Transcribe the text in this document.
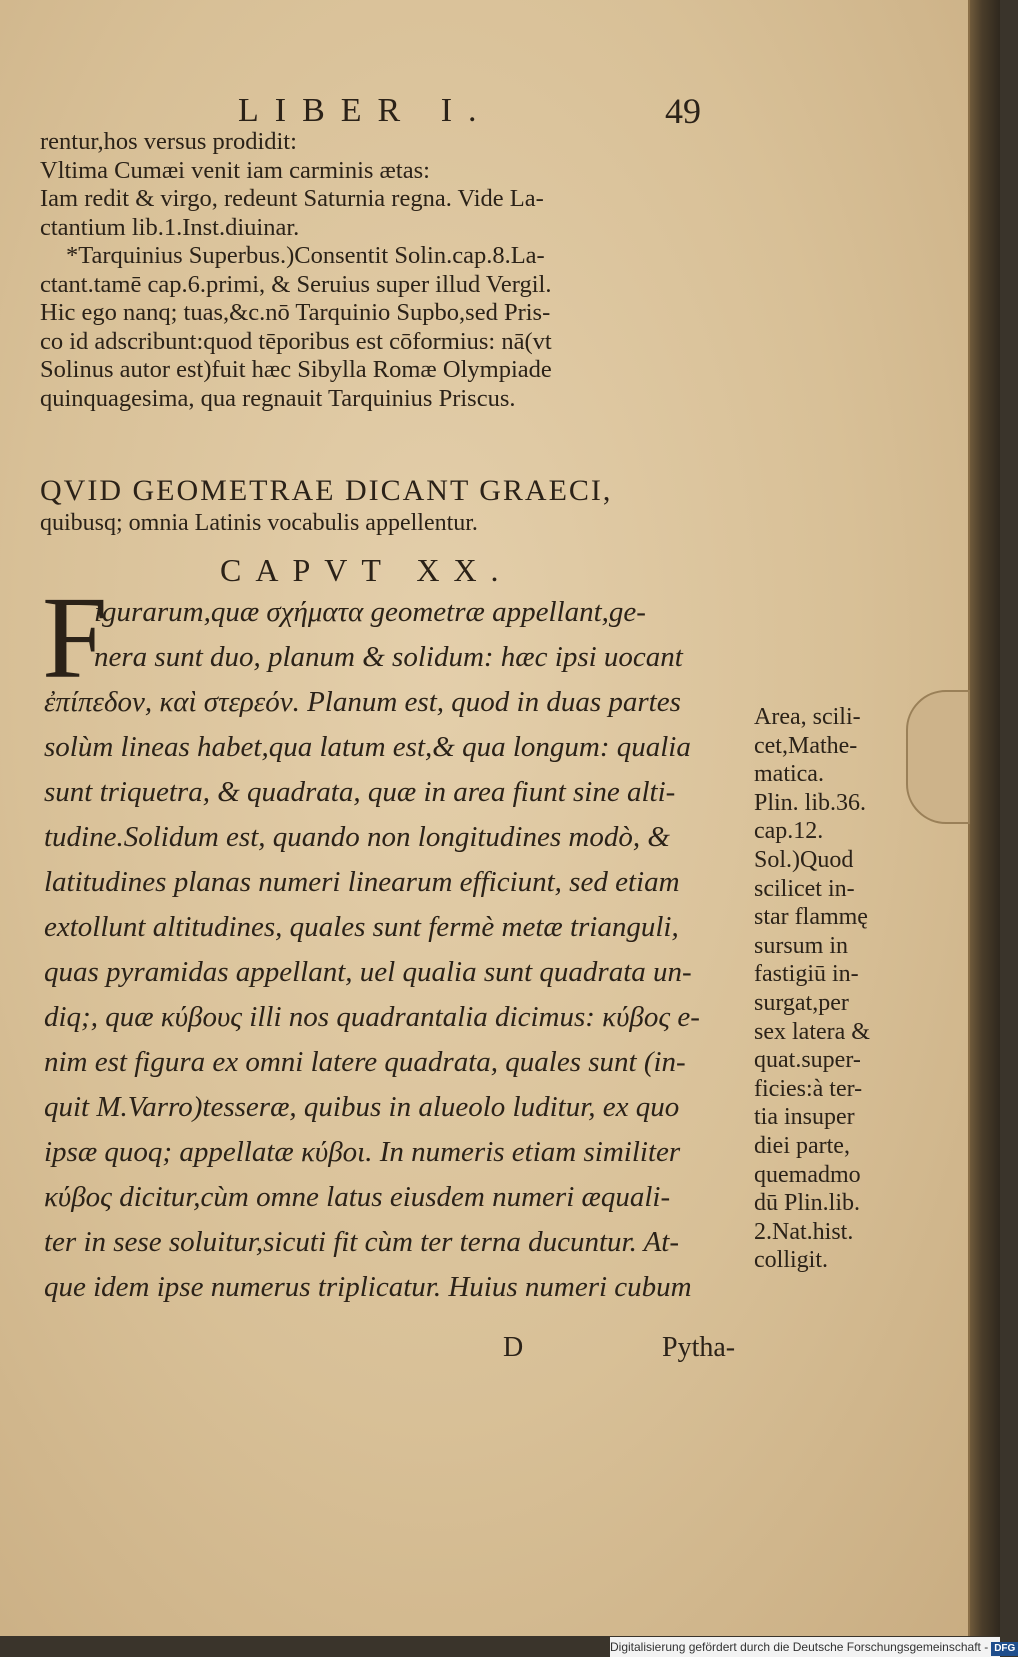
LIBER I.	49

rentur,hos versus prodidit:

Vltima Cumæi venit iam carminis ætas:

Iam redit & virgo, redeunt Saturnia regna. Vide La-

ctantium lib.1.Inst.diuinar.

*Tarquinius Superbus.)Consentit Solin.cap.8.La-

ctant.tamē cap.6.primi, & Seruius super illud Vergil.

Hic ego nanq; tuas,&c.nō Tarquinio Supbo,sed Pris-

co id adscribunt:quod tēporibus est cōformius: nā(vt

Solinus autor est)fuit hæc Sibylla Romæ Olympiade

quinquagesima, qua regnauit Tarquinius Priscus.

QVID GEOMETRAE DICANT GRAECI,
quibusq; omnia Latinis vocabulis appellentur.
CAPVT XX.
F

igurarum,quæ σχήματα geometræ appellant,ge-

nera sunt duo, planum & solidum: hæc ipsi uocant

ἐπίπεδον, καὶ στερεόν. Planum est, quod in duas partes

solùm lineas habet,qua latum est,& qua longum: qualia

sunt triquetra, & quadrata, quæ in area fiunt sine alti-

tudine.Solidum est, quando non longitudines modò, &

latitudines planas numeri linearum efficiunt, sed etiam

extollunt altitudines, quales sunt fermè metæ trianguli,

quas pyramidas appellant, uel qualia sunt quadrata un-

diq;, quæ κύβους illi nos quadrantalia dicimus: κύβος e-

nim est figura ex omni latere quadrata, quales sunt (in-

quit M.Varro)tesseræ, quibus in alueolo luditur, ex quo

ipsæ quoq; appellatæ κύβοι. In numeris etiam similiter

κύβος dicitur,cùm omne latus eiusdem numeri æquali-

ter in sese soluitur,sicuti fit cùm ter terna ducuntur. At-

que idem ipse numerus triplicatur. Huius numeri cubum

Area, scili-

cet,Mathe-

matica.

Plin. lib.36.

cap.12.

Sol.)Quod

scilicet in-

star flammę

sursum in

fastigiū in-

surgat,per

sex latera &

quat.super-

ficies:à ter-

tia insuper

diei parte,

quemadmo

dū Plin.lib.

2.Nat.hist.

colligit.

D	Pytha-
Digitalisierung gefördert durch die Deutsche Forschungsgemeinschaft - DFG
